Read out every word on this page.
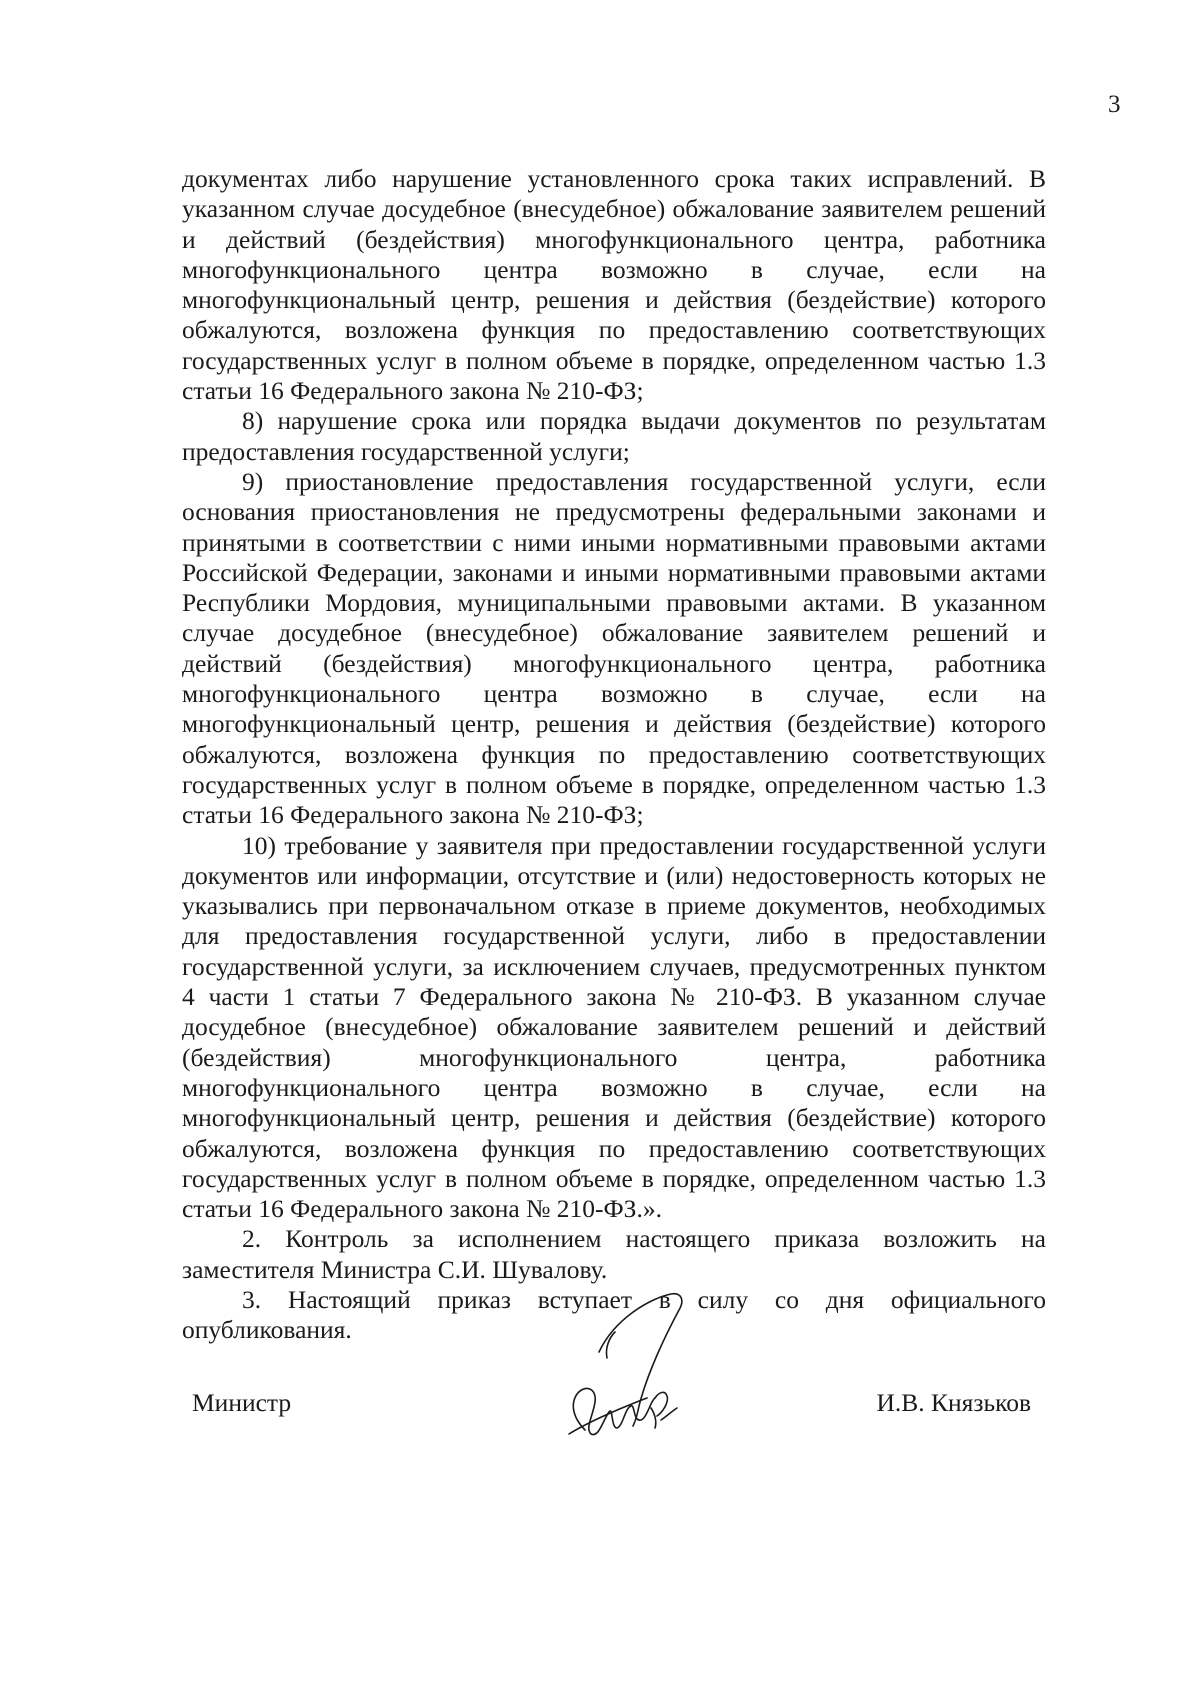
3

документах либо нарушение установленного срока таких исправлений. В указанном случае досудебное (внесудебное) обжалование заявителем решений и действий (бездействия) многофункционального центра, работника многофункционального центра возможно в случае, если на многофункциональный центр, решения и действия (бездействие) которого обжалуются, возложена функция по предоставлению соответствующих государственных услуг в полном объеме в порядке, определенном частью 1.3 статьи 16 Федерального закона № 210-ФЗ;

8) нарушение срока или порядка выдачи документов по результатам предоставления государственной услуги;

9) приостановление предоставления государственной услуги, если основания приостановления не предусмотрены федеральными законами и принятыми в соответствии с ними иными нормативными правовыми актами Российской Федерации, законами и иными нормативными правовыми актами Республики Мордовия, муниципальными правовыми актами. В указанном случае досудебное (внесудебное) обжалование заявителем решений и действий (бездействия) многофункционального центра, работника многофункционального центра возможно в случае, если на многофункциональный центр, решения и действия (бездействие) которого обжалуются, возложена функция по предоставлению соответствующих государственных услуг в полном объеме в порядке, определенном частью 1.3 статьи 16 Федерального закона № 210-ФЗ;

10) требование у заявителя при предоставлении государственной услуги документов или информации, отсутствие и (или) недостоверность которых не указывались при первоначальном отказе в приеме документов, необходимых для предоставления государственной услуги, либо в предоставлении государственной услуги, за исключением случаев, предусмотренных пунктом 4 части 1 статьи 7 Федерального закона № 210-ФЗ. В указанном случае досудебное (внесудебное) обжалование заявителем решений и действий (бездействия) многофункционального центра, работника многофункционального центра возможно в случае, если на многофункциональный центр, решения и действия (бездействие) которого обжалуются, возложена функция по предоставлению соответствующих государственных услуг в полном объеме в порядке, определенном частью 1.3 статьи 16 Федерального закона № 210-ФЗ.».

2. Контроль за исполнением настоящего приказа возложить на заместителя Министра С.И. Шувалову.

3. Настоящий приказ вступает в силу со дня официального опубликования.

Министр	И.В. Князьков
